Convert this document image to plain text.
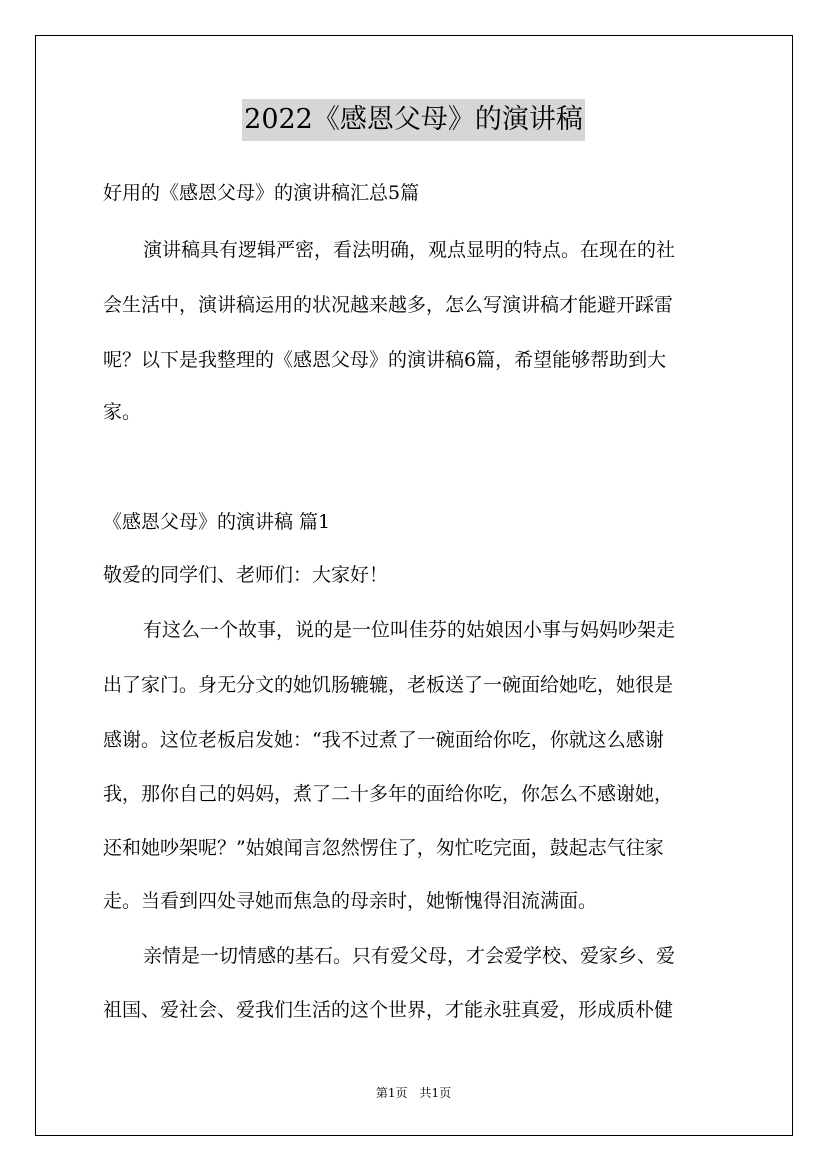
2022《感恩父母》的演讲稿
好用的《感恩父母》的演讲稿汇总5篇
演讲稿具有逻辑严密，看法明确，观点显明的特点。在现在的社
会生活中，演讲稿运用的状况越来越多，怎么写演讲稿才能避开踩雷
呢？以下是我整理的《感恩父母》的演讲稿6篇，希望能够帮助到大
家。
《感恩父母》的演讲稿 篇1
敬爱的同学们、老师们：大家好！
有这么一个故事，说的是一位叫佳芬的姑娘因小事与妈妈吵架走
出了家门。身无分文的她饥肠辘辘，老板送了一碗面给她吃，她很是
感谢。这位老板启发她：“我不过煮了一碗面给你吃，你就这么感谢
我，那你自己的妈妈，煮了二十多年的面给你吃，你怎么不感谢她，
还和她吵架呢？”姑娘闻言忽然愣住了，匆忙吃完面，鼓起志气往家
走。当看到四处寻她而焦急的母亲时，她惭愧得泪流满面。
亲情是一切情感的基石。只有爱父母，才会爱学校、爱家乡、爱
祖国、爱社会、爱我们生活的这个世界，才能永驻真爱，形成质朴健
第1页　共1页
